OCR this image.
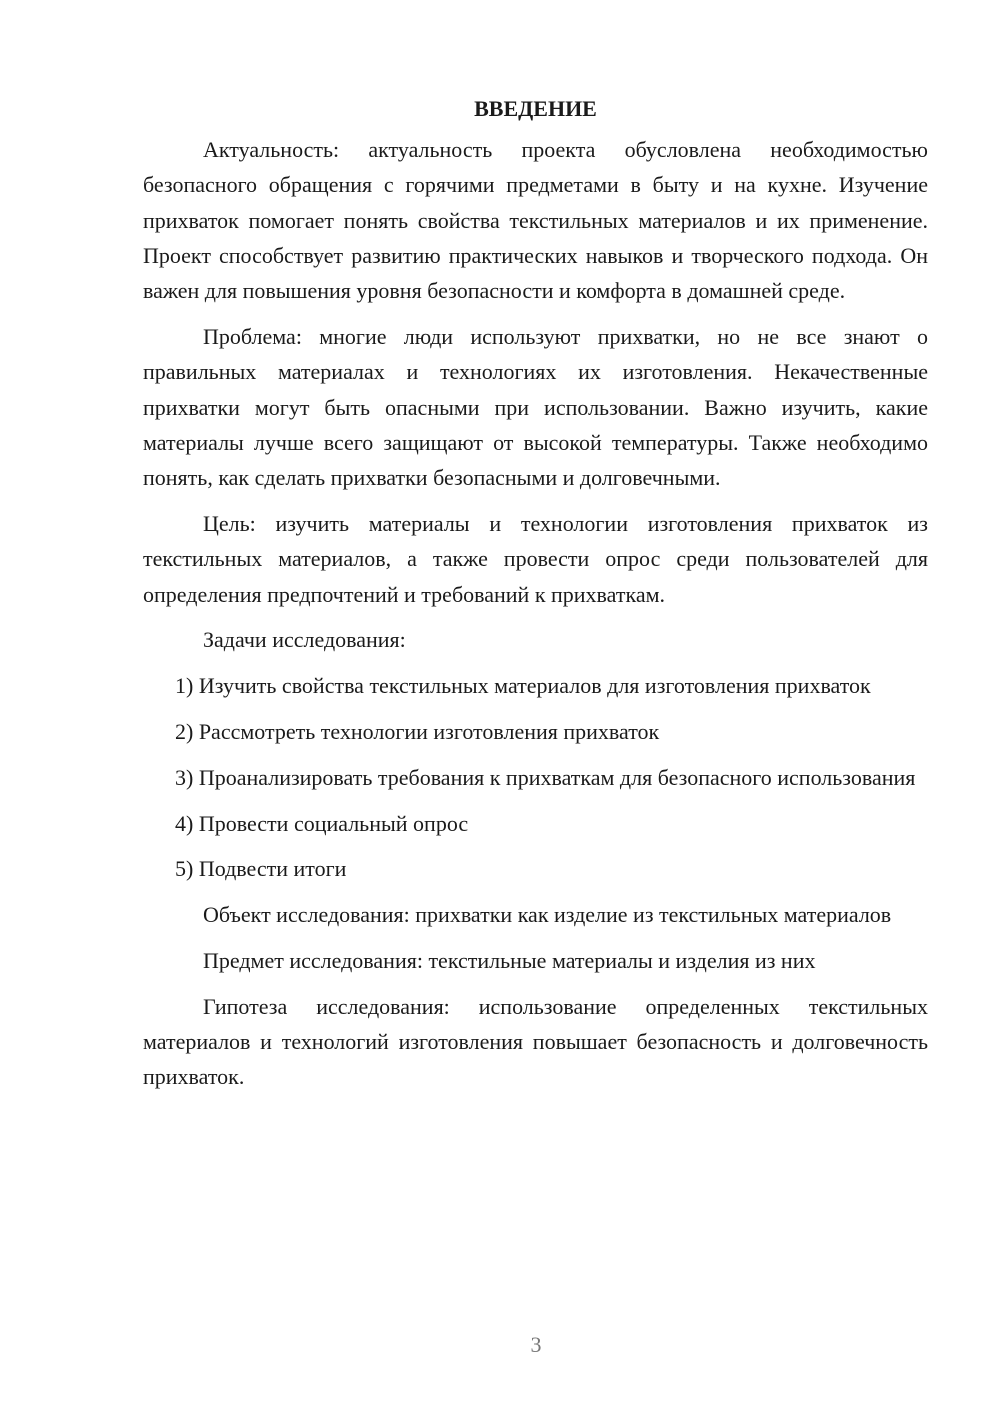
ВВЕДЕНИЕ

Актуальность: актуальность проекта обусловлена необходимостью безопасного обращения с горячими предметами в быту и на кухне. Изучение прихваток помогает понять свойства текстильных материалов и их применение. Проект способствует развитию практических навыков и творческого подхода. Он важен для повышения уровня безопасности и комфорта в домашней среде.

Проблема: многие люди используют прихватки, но не все знают о правильных материалах и технологиях их изготовления. Некачественные прихватки могут быть опасными при использовании. Важно изучить, какие материалы лучше всего защищают от высокой температуры. Также необходимо понять, как сделать прихватки безопасными и долговечными.

Цель: изучить материалы и технологии изготовления прихваток из текстильных материалов, а также провести опрос среди пользователей для определения предпочтений и требований к прихваткам.

Задачи исследования:

1) Изучить свойства текстильных материалов для изготовления прихваток

2) Рассмотреть технологии изготовления прихваток

3) Проанализировать требования к прихваткам для безопасного использования

4) Провести социальный опрос

5) Подвести итоги

Объект исследования: прихватки как изделие из текстильных материалов

Предмет исследования: текстильные материалы и изделия из них

Гипотеза исследования: использование определенных текстильных материалов и технологий изготовления повышает безопасность и долговечность прихваток.

3
